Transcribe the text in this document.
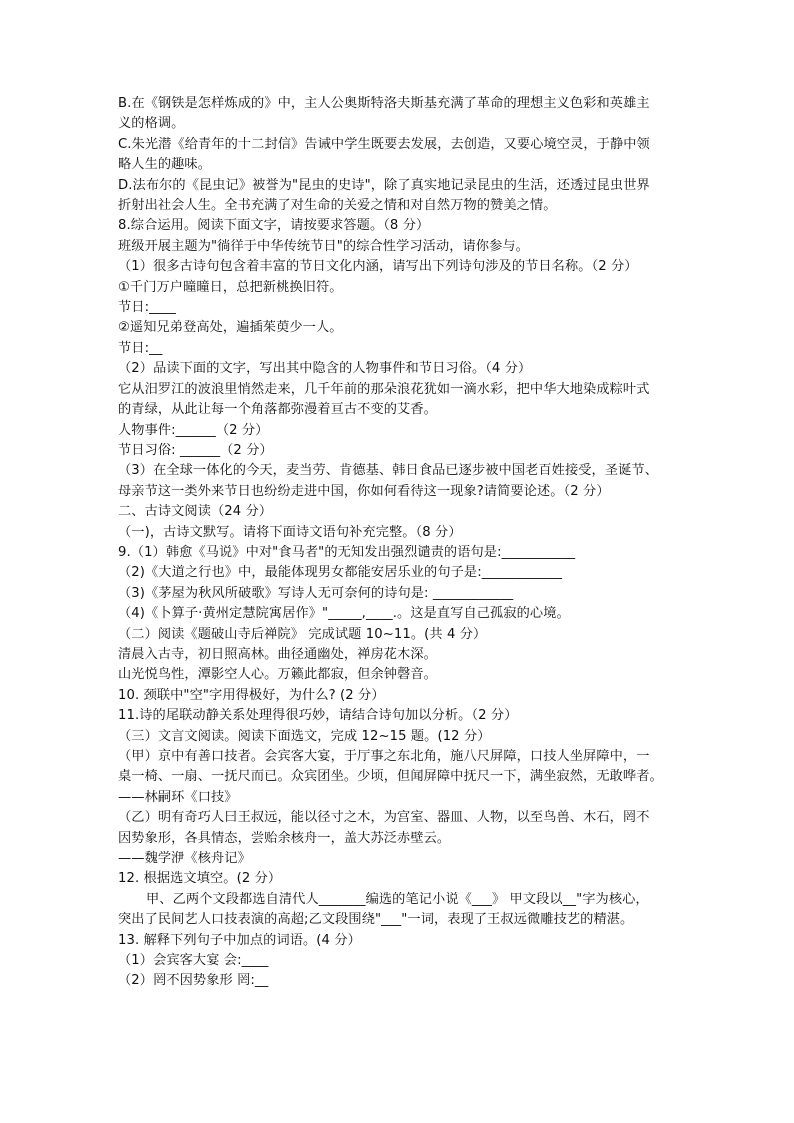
B.在《钢铁是怎样炼成的》中，主人公奥斯特洛夫斯基充满了革命的理想主义色彩和英雄主
义的格调。
C.朱光潜《给青年的十二封信》告诫中学生既要去发展，去创造，又要心境空灵，于静中领
略人生的趣味。
D.法布尔的《昆虫记》被誉为"昆虫的史诗"，除了真实地记录昆虫的生活，还透过昆虫世界
折射出社会人生。全书充满了对生命的关爱之情和对自然万物的赞美之情。
8.综合运用。阅读下面文字，请按要求答题。（8 分）
班级开展主题为"徜徉于中华传统节日"的综合性学习活动，请你参与。
（1）很多古诗句包含着丰富的节日文化内涵，请写出下列诗句涉及的节日名称。（2 分）
①千门万户曈曈日，总把新桃换旧符。
节日:____
②遥知兄弟登高处，遍插茱萸少一人。
节日:__
（2）品读下面的文字，写出其中隐含的人物事件和节日习俗。（4 分）
它从汨罗江的波浪里悄然走来，几千年前的那朵浪花犹如一滴水彩，把中华大地染成粽叶式
的青绿，从此让每一个角落都弥漫着亘古不变的艾香。
人物事件:______（2 分）
节日习俗: ______（2 分）
（3）在全球一体化的今天，麦当劳、肯德基、韩日食品已逐步被中国老百姓接受，圣诞节、
母亲节这一类外来节日也纷纷走进中国，你如何看待这一现象?请简要论述。（2 分）
二、古诗文阅读（24 分）
（一)，古诗文默写。请将下面诗文语句补充完整。（8 分）
9.（1）韩愈《马说》中对"食马者"的无知发出强烈谴责的语句是:___________
（2)《大道之行也》中，最能体现男女都能安居乐业的句子是:____________
（3)《茅屋为秋风所破歌》写诗人无可奈何的诗句是: ____________
（4)《卜算子·黄州定慧院寓居作》"_____,____.。这是直写自己孤寂的心境。
（二）阅读《题破山寺后禅院》 完成试题 10~11。(共 4 分）
清晨入古寺，初日照高林。曲径通幽处，禅房花木深。
山光悦鸟性，潭影空人心。万籁此都寂，但余钟磬音。
10. 颈联中"空"字用得极好，为什么? (2 分）
11.诗的尾联动静关系处理得很巧妙，请结合诗句加以分析。（2 分）
（三）文言文阅读。阅读下面选文，完成 12~15 题。(12 分）
（甲）京中有善口技者。会宾客大宴，于厅事之东北角，施八尺屏障，口技人坐屏障中，一
桌一椅、一扇、一抚尺而已。众宾团坐。少顷，但闻屏障中抚尺一下，满坐寂然，无敢哗者。
——林嗣环《口技》
（乙）明有奇巧人曰王叔远，能以径寸之木，为宫室、器皿、人物，以至鸟兽、木石，罔不
因势象形，各具情态，尝贻余核舟一，盖大苏泛赤壁云。
——魏学洢《核舟记》
12. 根据选文填空。(2 分）
甲、乙两个文段都选自清代人_______编选的笔记小说《___》 甲文段以__"字为核心，
突出了民间艺人口技表演的高超;乙文段围绕"___"一词，表现了王叔远微雕技艺的精湛。
13. 解释下列句子中加点的词语。(4 分）
（1）会宾客大宴 会:____
（2）罔不因势象形 罔:__
